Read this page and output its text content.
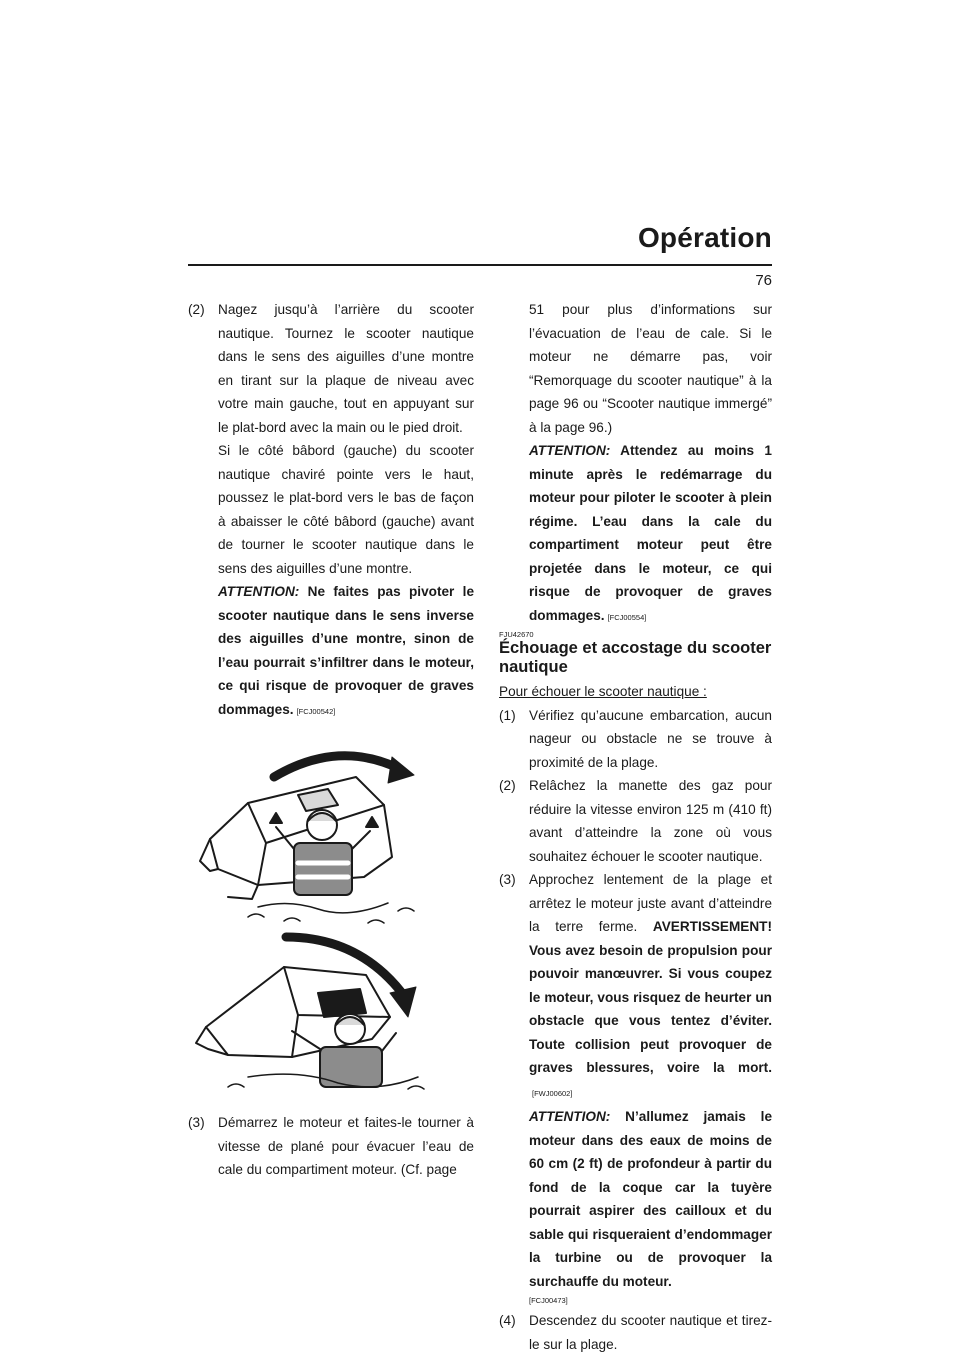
Opération
76
(2) Nagez jusqu’à l’arrière du scooter nautique. Tournez le scooter nautique dans le sens des aiguilles d’une montre en tirant sur la plaque de niveau avec votre main gauche, tout en appuyant sur le plat-bord avec la main ou le pied droit.

Si le côté bâbord (gauche) du scooter nautique chaviré pointe vers le haut, poussez le plat-bord vers le bas de façon à abaisser le côté bâbord (gauche) avant de tourner le scooter nautique dans le sens des aiguilles d’une montre.

ATTENTION: Ne faites pas pivoter le scooter nautique dans le sens inverse des aiguilles d’une montre, sinon de l’eau pourrait s’infiltrer dans le moteur, ce qui risque de provoquer de graves dommages. [FCJ00542]

(3) Démarrez le moteur et faites-le tourner à vitesse de plané pour évacuer l’eau de cale du compartiment moteur. (Cf. page

51 pour plus d’informations sur l’évacuation de l’eau de cale. Si le moteur ne démarre pas, voir “Remorquage du scooter nautique” à la page 96 ou “Scooter nautique immergé” à la page 96.)

ATTENTION: Attendez au moins 1 minute après le redémarrage du moteur pour piloter le scooter à plein régime. L’eau dans la cale du compartiment moteur peut être projetée dans le moteur, ce qui risque de provoquer de graves dommages. [FCJ00554]

FJU42670
Échouage et accostage du scooter nautique

Pour échouer le scooter nautique :

(1) Vérifiez qu’aucune embarcation, aucun nageur ou obstacle ne se trouve à proximité de la plage.

(2) Relâchez la manette des gaz pour réduire la vitesse environ 125 m (410 ft) avant d’atteindre la zone où vous souhaitez échouer le scooter nautique.

(3) Approchez lentement de la plage et arrêtez le moteur juste avant d’atteindre la terre ferme. AVERTISSEMENT! Vous avez besoin de propulsion pour pouvoir manœuvrer. Si vous coupez le moteur, vous risquez de heurter un obstacle que vous tentez d’éviter. Toute collision peut provoquer de graves blessures, voire la mort.[FWJ00602]

ATTENTION: N’allumez jamais le moteur dans des eaux de moins de 60 cm (2 ft) de profondeur à partir du fond de la coque car la tuyère pourrait aspirer des cailloux et du sable qui risqueraient d’endommager la turbine ou de provoquer la surchauffe du moteur.

[FCJ00473]
(4) Descendez du scooter nautique et tirez-le sur la plage.
